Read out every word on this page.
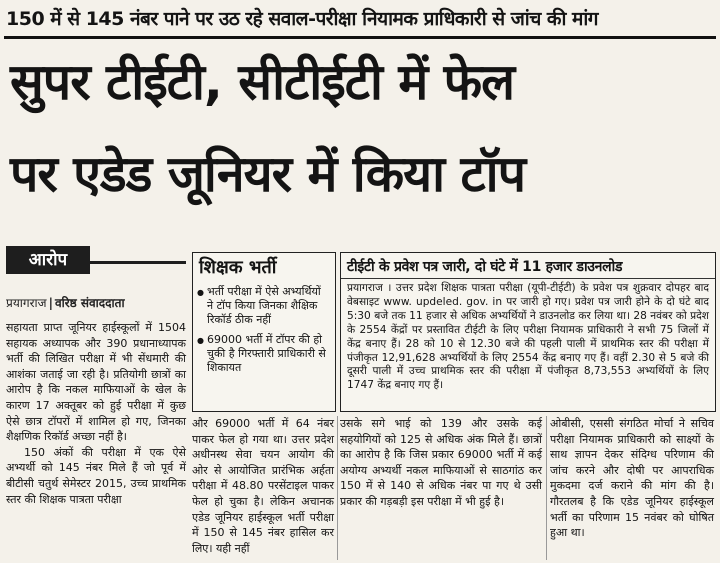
150 में से 145 नंबर पाने पर उठ रहे सवाल-परीक्षा नियामक प्राधिकारी से जांच की मांग
सुपर टीईटी, सीटीईटी में फेल
पर एडेड जूनियर में किया टॉप
आरोप
प्रयागराज | वरिष्ठ संवाददाता

सहायता प्राप्त जूनियर हाईस्कूलों में 1504 सहायक अध्यापक और 390 प्रधानाध्यापक भर्ती की लिखित परीक्षा में भी सेंधमारी की आशंका जताई जा रही है। प्रतियोगी छात्रों का आरोप है कि नकल माफियाओं के खेल के कारण 17 अक्तूबर को हुई परीक्षा में कुछ ऐसे छात्र टॉपरों में शामिल हो गए, जिनका शैक्षणिक रिकॉर्ड अच्छा नहीं है।

150 अंकों की परीक्षा में एक ऐसे अभ्यर्थी को 145 नंबर मिले हैं जो पूर्व में बीटीसी चतुर्थ सेमेस्टर 2015, उच्च प्राथमिक स्तर की शिक्षक पात्रता परीक्षा

शिक्षक भर्ती
● भर्ती परीक्षा में ऐसे अभ्यर्थियों ने टॉप किया जिनका शैक्षिक रिकॉर्ड ठीक नहीं
● 69000 भर्ती में टॉपर की हो चुकी है गिरफ्तारी प्राधिकारी से शिकायत
टीईटी के प्रवेश पत्र जारी, दो घंटे में 11 हजार डाउनलोड
प्रयागराज । उत्तर प्रदेश शिक्षक पात्रता परीक्षा (यूपी-टीईटी) के प्रवेश पत्र शुक्रवार दोपहर बाद वेबसाइट www. updeled. gov. in पर जारी हो गए। प्रवेश पत्र जारी होने के दो घंटे बाद 5:30 बजे तक 11 हजार से अधिक अभ्यर्थियों ने डाउनलोड कर लिया था। 28 नवंबर को प्रदेश के 2554 केंद्रों पर प्रस्तावित टीईटी के लिए परीक्षा नियामक प्राधिकारी ने सभी 75 जिलों में केंद्र बनाए हैं। 28 को 10 से 12.30 बजे की पहली पाली में प्राथमिक स्तर की परीक्षा में पंजीकृत 12,91,628 अभ्यर्थियों के लिए 2554 केंद्र बनाए गए हैं। वहीं 2.30 से 5 बजे की दूसरी पाली में उच्च प्राथमिक स्तर की परीक्षा में पंजीकृत 8,73,553 अभ्यर्थियों के लिए 1747 केंद्र बनाए गए हैं।
और 69000 भर्ती में 64 नंबर पाकर फेल हो गया था। उत्तर प्रदेश अधीनस्थ सेवा चयन आयोग की ओर से आयोजित प्रारंभिक अर्हता परीक्षा में 48.80 परसेंटाइल पाकर फेल हो चुका है। लेकिन अचानक एडेड जूनियर हाईस्कूल भर्ती परीक्षा में 150 से 145 नंबर हासिल कर लिए। यही नहीं
उसके सगे भाई को 139 और उसके कई सहयोगियों को 125 से अधिक अंक मिले हैं। छात्रों का आरोप है कि जिस प्रकार 69000 भर्ती में कई अयोग्य अभ्यर्थी नकल माफियाओं से साठगांठ कर 150 में से 140 से अधिक नंबर पा गए थे उसी प्रकार की गड़बड़ी इस परीक्षा में भी हुई है।
ओबीसी, एससी संगठित मोर्चा ने सचिव परीक्षा नियामक प्राधिकारी को साक्ष्यों के साथ ज्ञापन देकर संदिग्ध परिणाम की जांच करने और दोषी पर आपराधिक मुकदमा दर्ज कराने की मांग की है। गौरतलब है कि एडेड जूनियर हाईस्कूल भर्ती का परिणाम 15 नवंबर को घोषित हुआ था।
